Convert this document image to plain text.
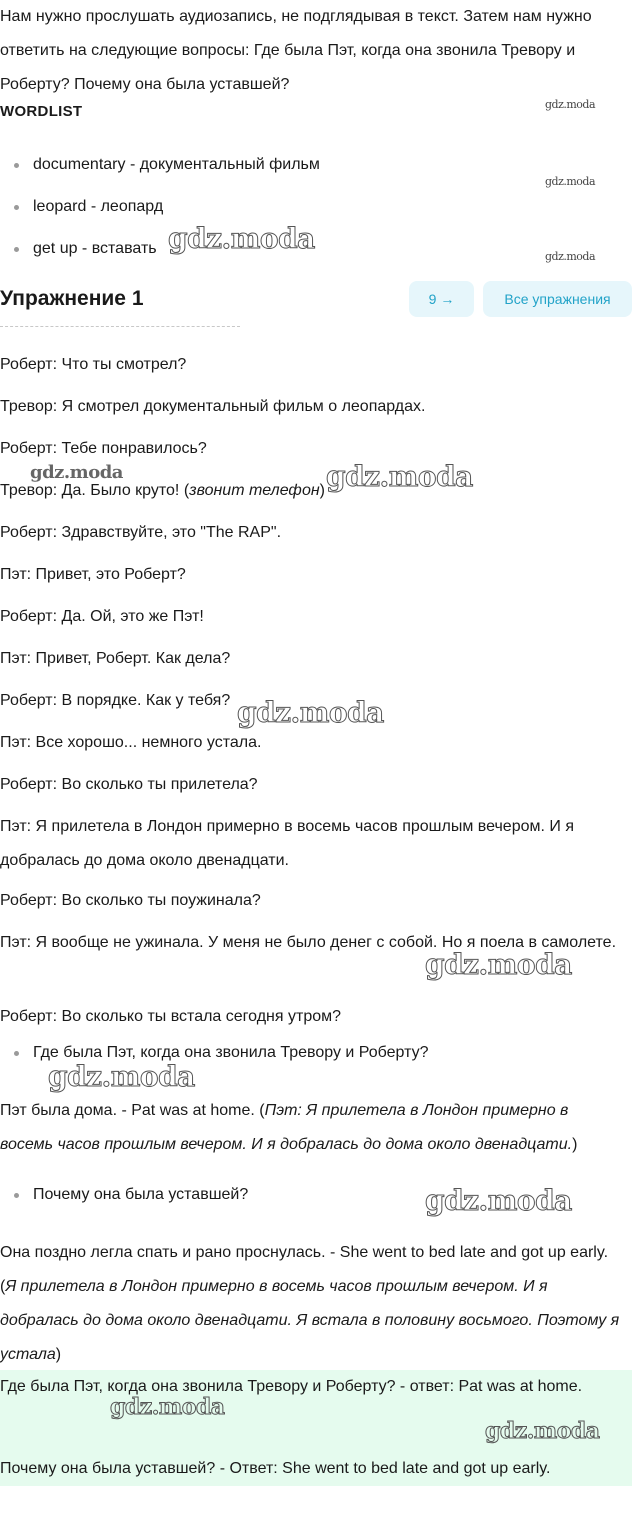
Нам нужно прослушать аудиозапись, не подглядывая в текст. Затем нам нужно ответить на следующие вопросы: Где была Пэт, когда она звонила Тревору и Роберту? Почему она была уставшей?

WORDLIST
documentary - документальный фильм
leopard - леопард
get up - вставать
Упражнение 1	9 →	Все упражнения

Роберт: Что ты смотрел?

Тревор: Я смотрел документальный фильм о леопардах.

Роберт: Тебе понравилось?

Тревор: Да. Было круто! (звонит телефон)

Роберт: Здравствуйте, это "The RAP".

Пэт: Привет, это Роберт?

Роберт: Да. Ой, это же Пэт!

Пэт: Привет, Роберт. Как дела?

Роберт: В порядке. Как у тебя?

Пэт: Все хорошо... немного устала.

Роберт: Во сколько ты прилетела?

Пэт: Я прилетела в Лондон примерно в восемь часов прошлым вечером. И я добралась до дома около двенадцати.

Роберт: Во сколько ты поужинала?

Пэт: Я вообще не ужинала. У меня не было денег с собой. Но я поела в самолете.

Роберт: Во сколько ты встала сегодня утром?

Где была Пэт, когда она звонила Тревору и Роберту?

Пэт была дома. - Pat was at home. (Пэт: Я прилетела в Лондон примерно в восемь часов прошлым вечером. И я добралась до дома около двенадцати.)

Почему она была уставшей?

Она поздно легла спать и рано проснулась. - She went to bed late and got up early. (Я прилетела в Лондон примерно в восемь часов прошлым вечером. И я добралась до дома около двенадцати. Я встала в половину восьмого. Поэтому я устала)

Где была Пэт, когда она звонила Тревору и Роберту? - ответ: Pat was at home.

Почему она была уставшей? - Ответ: She went to bed late and got up early.

gdz.moda
gdz.moda
gdz.moda
gdz.moda
gdz.moda	gdz.moda
gdz.moda
gdz.moda
gdz.moda
gdz.moda
gdz.moda
gdz.moda
